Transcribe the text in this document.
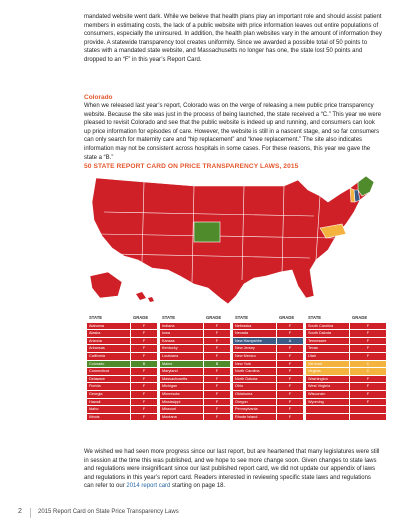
mandated website went dark. While we believe that health plans play an important role and should assist patient members in estimating costs, the lack of a public website with price information leaves out entire populations of consumers, especially the uninsured. In addition, the health plan websites vary in the amount of information they provide. A statewide transparency tool creates uniformity. Since we awarded a possible total of 50 points to states with a mandated state website, and Massachusetts no longer has one, the state lost 50 points and dropped to an “F” in this year’s Report Card.

Colorado

When we released last year’s report, Colorado was on the verge of releasing a new public price transparency website. Because the site was just in the process of being launched, the state received a “C.” This year we were pleased to revisit Colorado and see that the public website is indeed up and running, and consumers can look up price information for episodes of care. However, the website is still in a nascent stage, and so far consumers can only search for maternity care and “hip replacement” and “knee replacement.” The site also indicates information may not be consistent across hospitals in some cases. For these reasons, this year we gave the state a “B.”

50 STATE REPORT CARD ON PRICE TRANSPARENCY LAWS, 2015

STATE	GRADE		STATE	GRADE		STATE	GRADE		STATE	GRADE
Alabama	F		Indiana	F		Nebraska	F		South Carolina	F
Alaska	F		Iowa	F		Nevada	F		South Dakota	F
Arizona	F		Kansas	F		New Hampshire	A		Tennessee	F
Arkansas	F		Kentucky	F		New Jersey	F		Texas	F
California	F		Louisiana	F		New Mexico	F		Utah	F
Colorado	B		Maine	B		New York	F		Vermont	C
Connecticut	F		Maryland	F		North Carolina	F		Virginia	C
Delaware	F		Massachusetts	F		North Dakota	F		Washington	F
Florida	F		Michigan	F		Ohio	F		West Virginia	F
Georgia	F		Minnesota	F		Oklahoma	F		Wisconsin	F
Hawaii	F		Mississippi	F		Oregon	F		Wyoming	F
Idaho	F		Missouri	F		Pennsylvania	F			
Illinois	F		Montana	F		Rhode Island	F			

We wished we had seen more progress since our last report, but are heartened that many legislatures were still in session at the time this was published, and we hope to see more change soon. Given changes to state laws and regulations were insignificant since our last published report card, we did not update our appendix of laws and regulations in this year’s report card. Readers interested in reviewing specific state laws and regulations can refer to our 2014 report card starting on page 18.

2	2015 Report Card on State Price Transparency Laws
